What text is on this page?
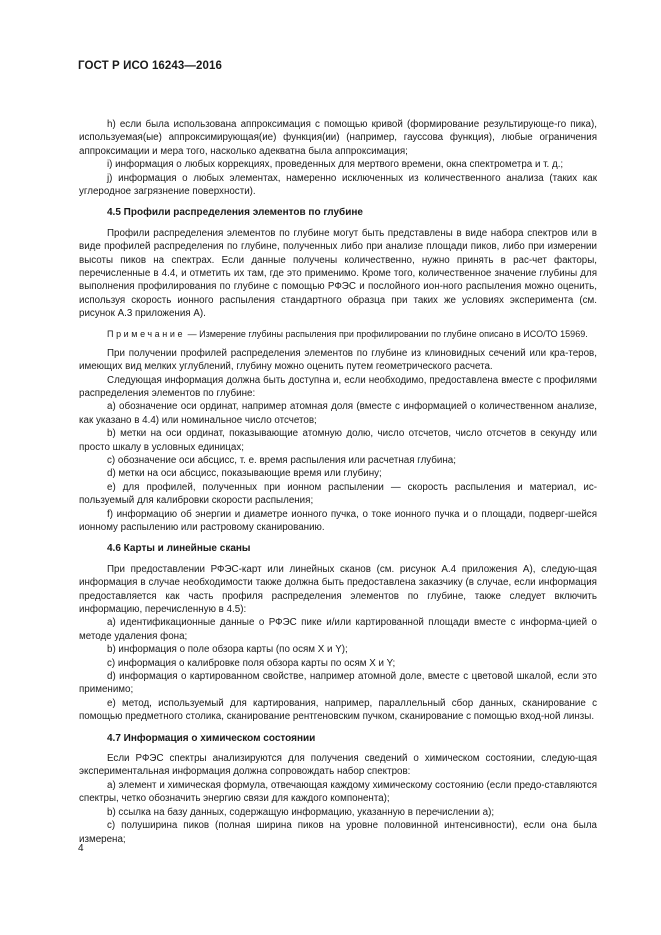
ГОСТ Р ИСО 16243—2016

h) если была использована аппроксимация с помощью кривой (формирование результирующе-го пика), используемая(ые) аппроксимирующая(ие) функция(ии) (например, гауссова функция), любые ограничения аппроксимации и мера того, насколько адекватна была аппроксимация;

i) информация о любых коррекциях, проведенных для мертвого времени, окна спектрометра и т. д.;

j) информация о любых элементах, намеренно исключенных из количественного анализа (таких как углеродное загрязнение поверхности).

4.5 Профили распределения элементов по глубине

Профили распределения элементов по глубине могут быть представлены в виде набора спектров или в виде профилей распределения по глубине, полученных либо при анализе площади пиков, либо при измерении высоты пиков на спектрах. Если данные получены количественно, нужно принять в рас-чет факторы, перечисленные в 4.4, и отметить их там, где это применимо. Кроме того, количественное значение глубины для выполнения профилирования по глубине с помощью РФЭС и послойного ион-ного распыления можно оценить, используя скорость ионного распыления стандартного образца при таких же условиях эксперимента (см. рисунок А.3 приложения А).

Примечание — Измерение глубины распыления при профилировании по глубине описано в ИСО/ТО 15969.

При получении профилей распределения элементов по глубине из клиновидных сечений или кра-теров, имеющих вид мелких углублений, глубину можно оценить путем геометрического расчета.

Следующая информация должна быть доступна и, если необходимо, предоставлена вместе с профилями распределения элементов по глубине:

a) обозначение оси ординат, например атомная доля (вместе с информацией о количественном анализе, как указано в 4.4) или номинальное число отсчетов;

b) метки на оси ординат, показывающие атомную долю, число отсчетов, число отсчетов в секунду или просто шкалу в условных единицах;

c) обозначение оси абсцисс, т. е. время распыления или расчетная глубина;

d) метки на оси абсцисс, показывающие время или глубину;

e) для профилей, полученных при ионном распылении — скорость распыления и материал, ис-пользуемый для калибровки скорости распыления;

f) информацию об энергии и диаметре ионного пучка, о токе ионного пучка и о площади, подверг-шейся ионному распылению или растровому сканированию.

4.6 Карты и линейные сканы

При предоставлении РФЭС-карт или линейных сканов (см. рисунок А.4 приложения А), следую-щая информация в случае необходимости также должна быть предоставлена заказчику (в случае, если информация предоставляется как часть профиля распределения элементов по глубине, также следует включить информацию, перечисленную в 4.5):

a) идентификационные данные о РФЭС пике и/или картированной площади вместе с информа-цией о методе удаления фона;

b) информация о поле обзора карты (по осям X и Y);

c) информация о калибровке поля обзора карты по осям X и Y;

d) информация о картированном свойстве, например атомной доле, вместе с цветовой шкалой, если это применимо;

e) метод, используемый для картирования, например, параллельный сбор данных, сканирование с помощью предметного столика, сканирование рентгеновским пучком, сканирование с помощью вход-ной линзы.

4.7 Информация о химическом состоянии

Если РФЭС спектры анализируются для получения сведений о химическом состоянии, следую-щая экспериментальная информация должна сопровождать набор спектров:

a) элемент и химическая формула, отвечающая каждому химическому состоянию (если предо-ставляются спектры, четко обозначить энергию связи для каждого компонента);

b) ссылка на базу данных, содержащую информацию, указанную в перечислении a);

c) полуширина пиков (полная ширина пиков на уровне половинной интенсивности), если она была измерена;

4
